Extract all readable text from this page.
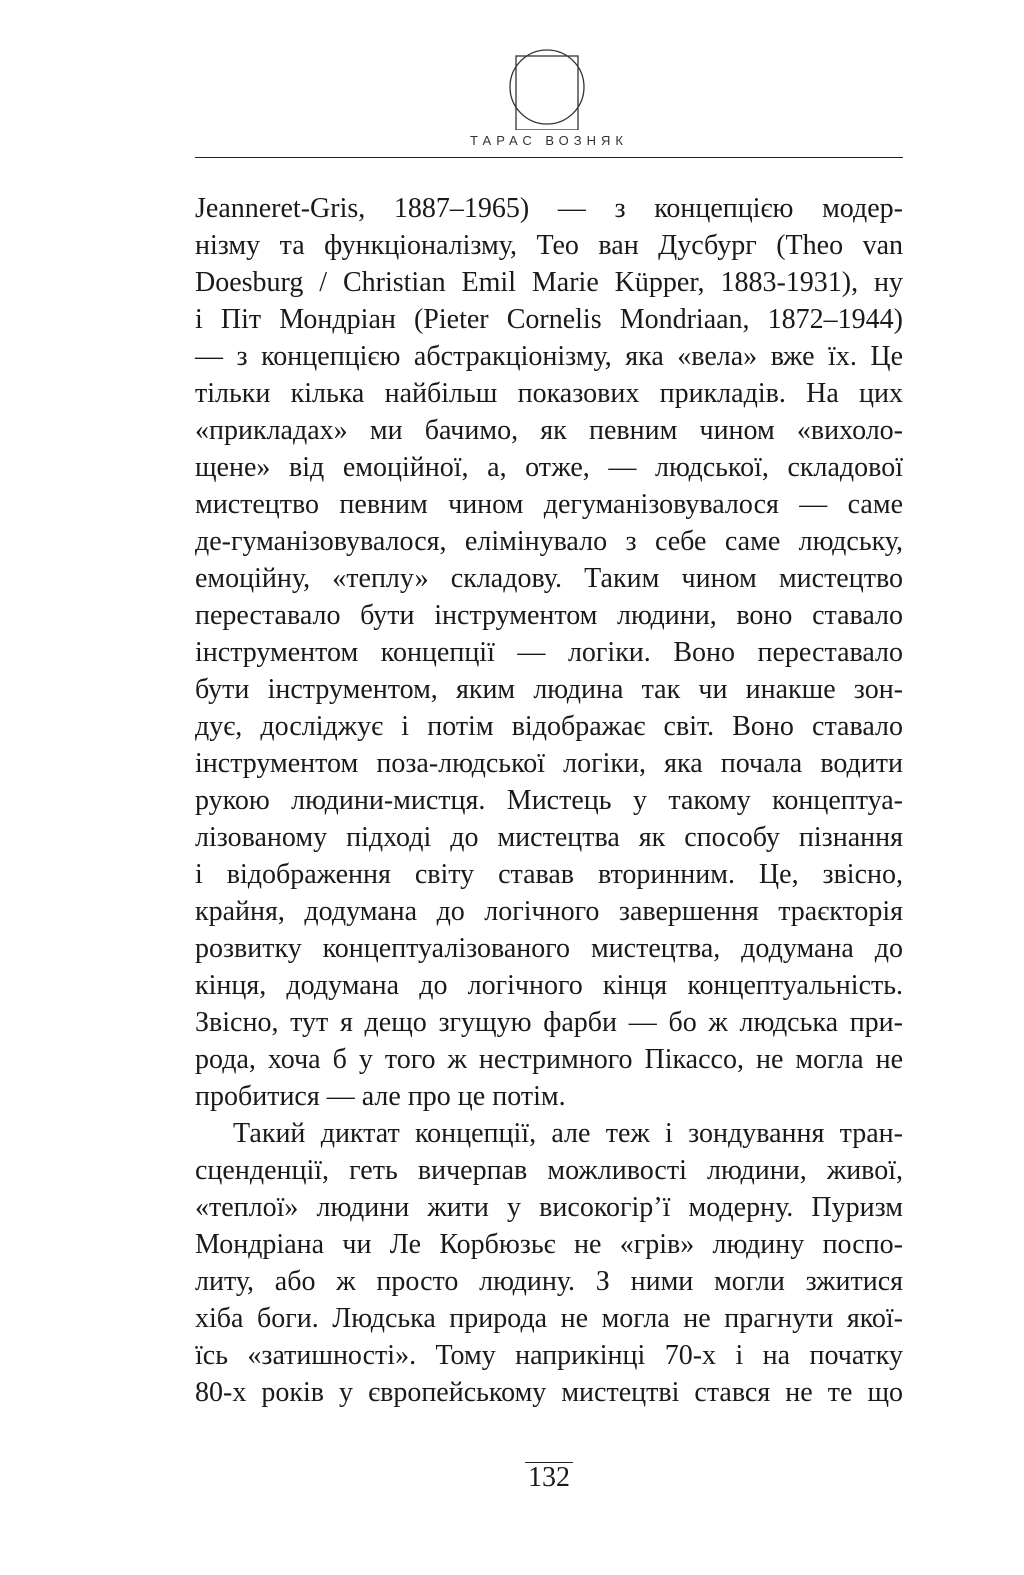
ТАРАС ВОЗНЯК
Jeanneret-Gris, 1887–1965) — з концепцією модер-
нізму та функціоналізму, Тео ван Дусбург (Theo van
Doesburg / Christian Emil Marie Küpper, 1883-1931), ну
і Піт Мондріан (Pieter Cornelis Mondriaan, 1872–1944)
— з концепцією абстракціонізму, яка «вела» вже їх. Це
тільки кілька найбільш показових прикладів. На цих
«прикладах» ми бачимо, як певним чином «вихоло-
щене» від емоційної, а, отже, — людської, складової
мистецтво певним чином дегуманізовувалося — саме
де-гуманізовувалося, елімінувало з себе саме людську,
емоційну, «теплу» складову. Таким чином мистецтво
переставало бути інструментом людини, воно ставало
інструментом концепції — логіки. Воно переставало
бути інструментом, яким людина так чи инакше зон-
дує, досліджує і потім відображає світ. Воно ставало
інструментом поза-людської логіки, яка почала водити
рукою людини-мистця. Мистець у такому концептуа-
лізованому підході до мистецтва як способу пізнання
і відображення світу ставав вторинним. Це, звісно,
крайня, додумана до логічного завершення траєкторія
розвитку концептуалізованого мистецтва, додумана до
кінця, додумана до логічного кінця концептуальність.
Звісно, тут я дещо згущую фарби — бо ж людська при-
рода, хоча б у того ж нестримного Пікассо, не могла не
пробитися — але про це потім.
Такий диктат концепції, але теж і зондування тран-
сценденції, геть вичерпав можливості людини, живої,
«теплої» людини жити у високогір’ї модерну. Пуризм
Мондріана чи Ле Корбюзьє не «грів» людину поспо-
литу, або ж просто людину. З ними могли зжитися
хіба боги. Людська природа не могла не прагнути якої-
їсь «затишності». Тому наприкінці 70-х і на початку
80-х років у європейському мистецтві стався не те що
132
